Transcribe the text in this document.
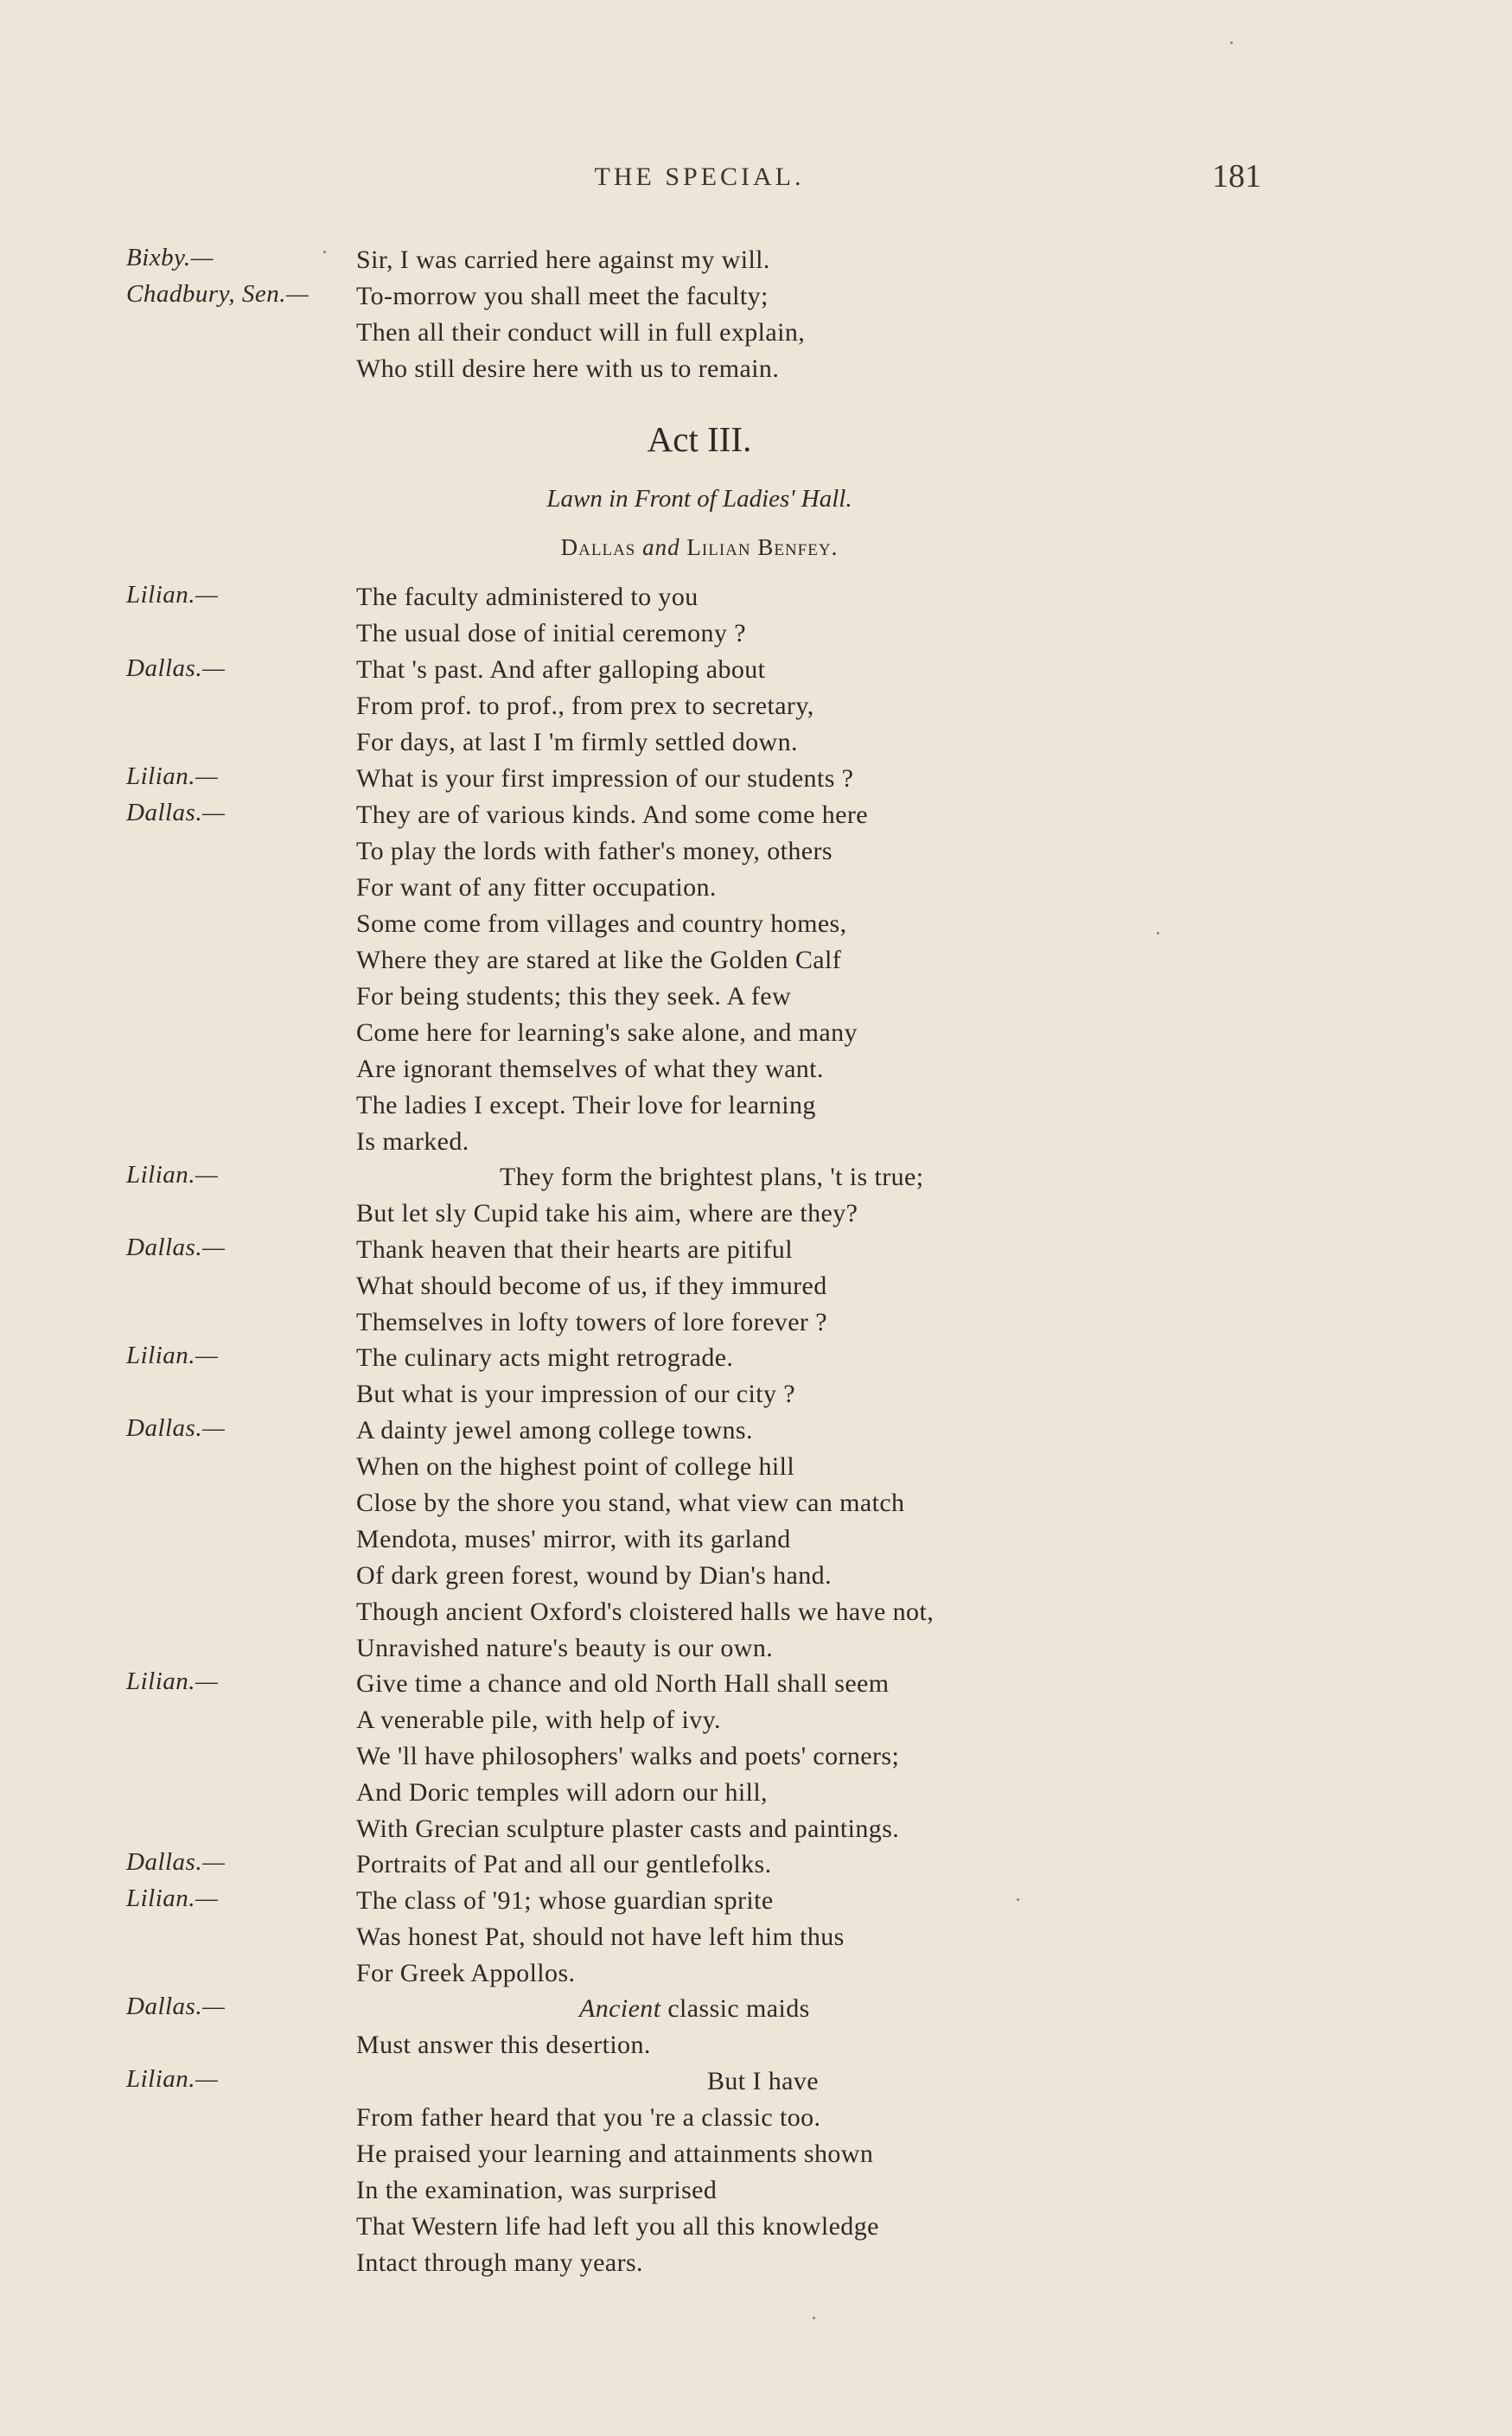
THE SPECIAL.	181
Bixby.—
Chadbury, Sen.—
Sir, I was carried here against my will.
To-morrow you shall meet the faculty;
Then all their conduct will in full explain,
Who still desire here with us to remain.
Act III.
Lawn in Front of Ladies' Hall.
Dallas and Lilian Benfey.
Lilian.—
Dallas.—
Lilian.—
Dallas.—
Lilian.—
Dallas.—
Lilian.—
Dallas.—
Lilian.—
Dallas.—
Lilian.—
Dallas.—
Lilian.—
The faculty administered to you
The usual dose of initial ceremony ?
That 's past. And after galloping about
From prof. to prof., from prex to secretary,
For days, at last I 'm firmly settled down.
What is your first impression of our students ?
They are of various kinds. And some come here
To play the lords with father's money, others
For want of any fitter occupation.
Some come from villages and country homes,
Where they are stared at like the Golden Calf
For being students; this they seek. A few
Come here for learning's sake alone, and many
Are ignorant themselves of what they want.
The ladies I except. Their love for learning
Is marked.
They form the brightest plans, 't is true;
But let sly Cupid take his aim, where are they?
Thank heaven that their hearts are pitiful
What should become of us, if they immured
Themselves in lofty towers of lore forever ?
The culinary acts might retrograde.
But what is your impression of our city ?
A dainty jewel among college towns.
When on the highest point of college hill
Close by the shore you stand, what view can match
Mendota, muses' mirror, with its garland
Of dark green forest, wound by Dian's hand.
Though ancient Oxford's cloistered halls we have not,
Unravished nature's beauty is our own.
Give time a chance and old North Hall shall seem
A venerable pile, with help of ivy.
We 'll have philosophers' walks and poets' corners;
And Doric temples will adorn our hill,
With Grecian sculpture plaster casts and paintings.
Portraits of Pat and all our gentlefolks.
The class of '91; whose guardian sprite
Was honest Pat, should not have left him thus
For Greek Appollos.
Ancient classic maids
Must answer this desertion.
But I have
From father heard that you 're a classic too.
He praised your learning and attainments shown
In the examination, was surprised
That Western life had left you all this knowledge
Intact through many years.
